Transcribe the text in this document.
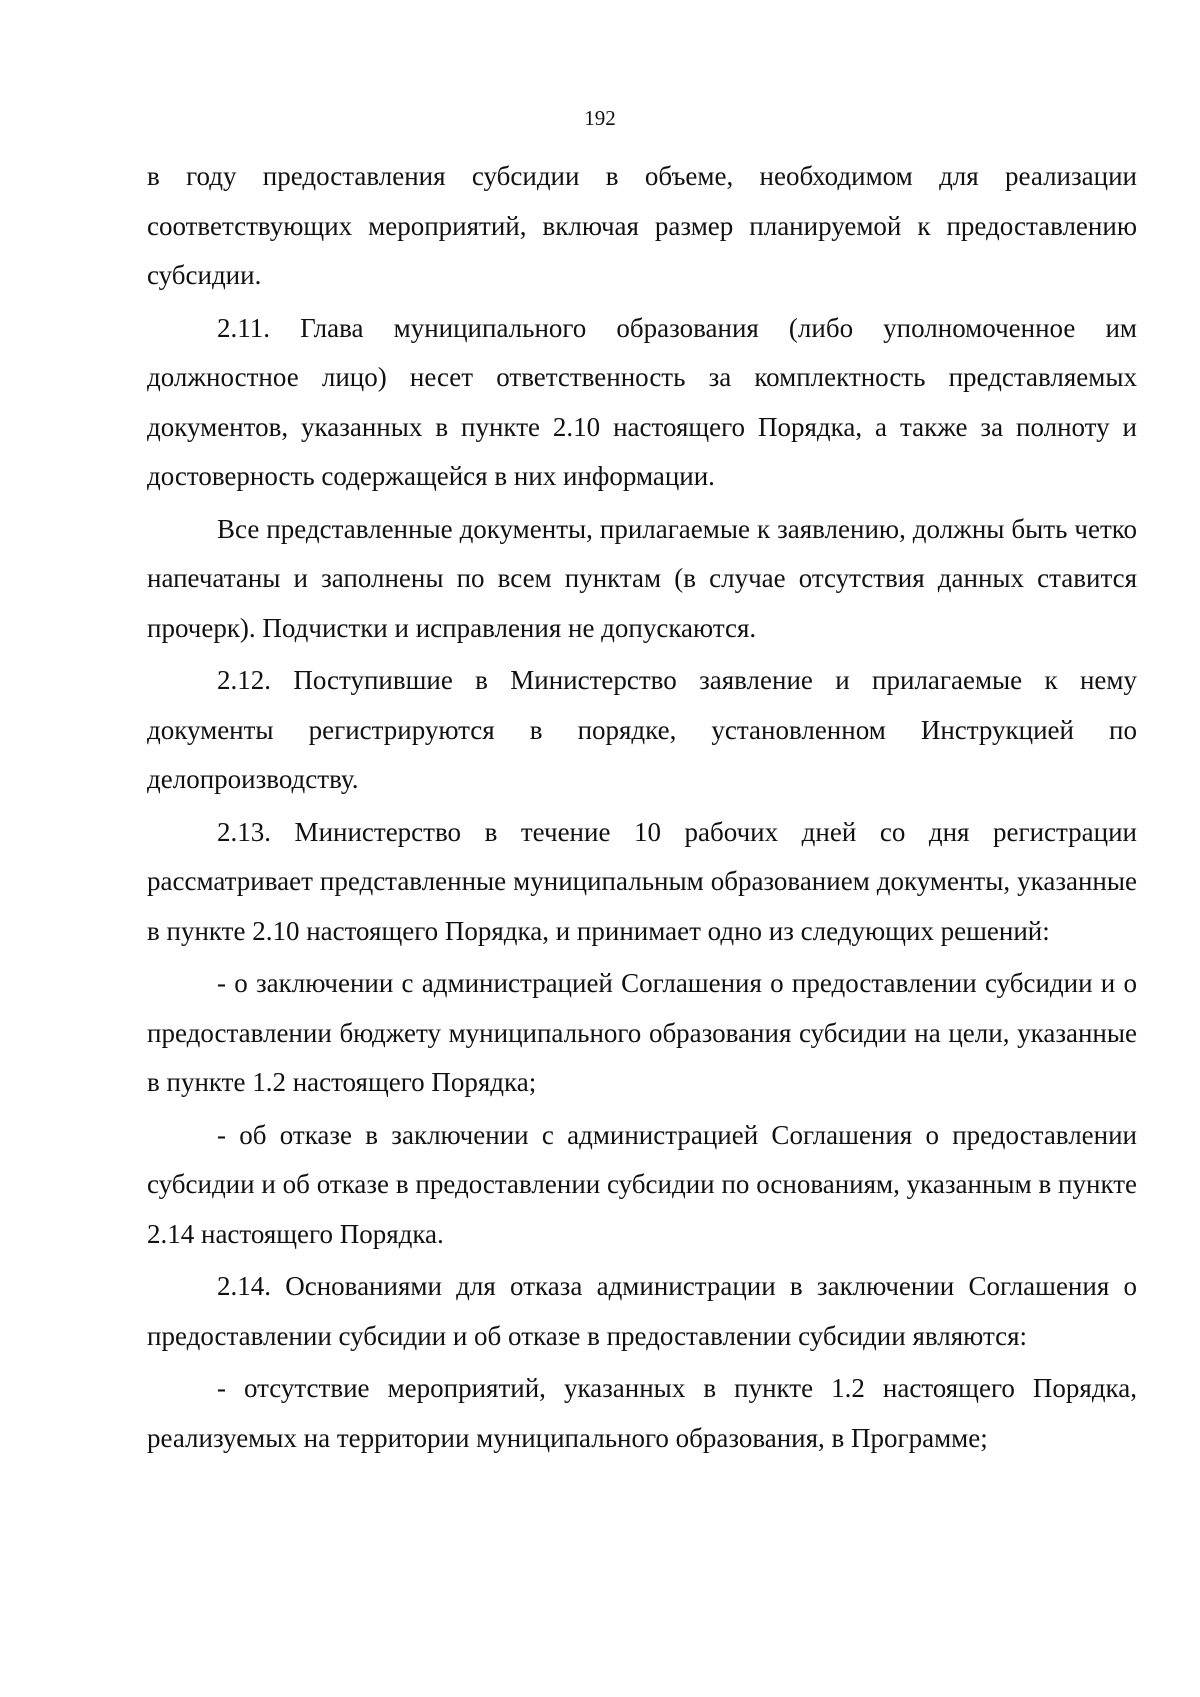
192

в году предоставления субсидии в объеме, необходимом для реализации соответствующих мероприятий, включая размер планируемой к предоставлению субсидии.

2.11. Глава муниципального образования (либо уполномоченное им должностное лицо) несет ответственность за комплектность представляемых документов, указанных в пункте 2.10 настоящего Порядка, а также за полноту и достоверность содержащейся в них информации.

Все представленные документы, прилагаемые к заявлению, должны быть четко напечатаны и заполнены по всем пунктам (в случае отсутствия данных ставится прочерк). Подчистки и исправления не допускаются.

2.12. Поступившие в Министерство заявление и прилагаемые к нему документы регистрируются в порядке, установленном Инструкцией по делопроизводству.

2.13. Министерство в течение 10 рабочих дней со дня регистрации рассматривает представленные муниципальным образованием документы, указанные в пункте 2.10 настоящего Порядка, и принимает одно из следующих решений:

- о заключении с администрацией Соглашения о предоставлении субсидии и о предоставлении бюджету муниципального образования субсидии на цели, указанные в пункте 1.2 настоящего Порядка;

- об отказе в заключении с администрацией Соглашения о предоставлении субсидии и об отказе в предоставлении субсидии по основаниям, указанным в пункте 2.14 настоящего Порядка.

2.14. Основаниями для отказа администрации в заключении Соглашения о предоставлении субсидии и об отказе в предоставлении субсидии являются:

- отсутствие мероприятий, указанных в пункте 1.2 настоящего Порядка, реализуемых на территории муниципального образования, в Программе;
